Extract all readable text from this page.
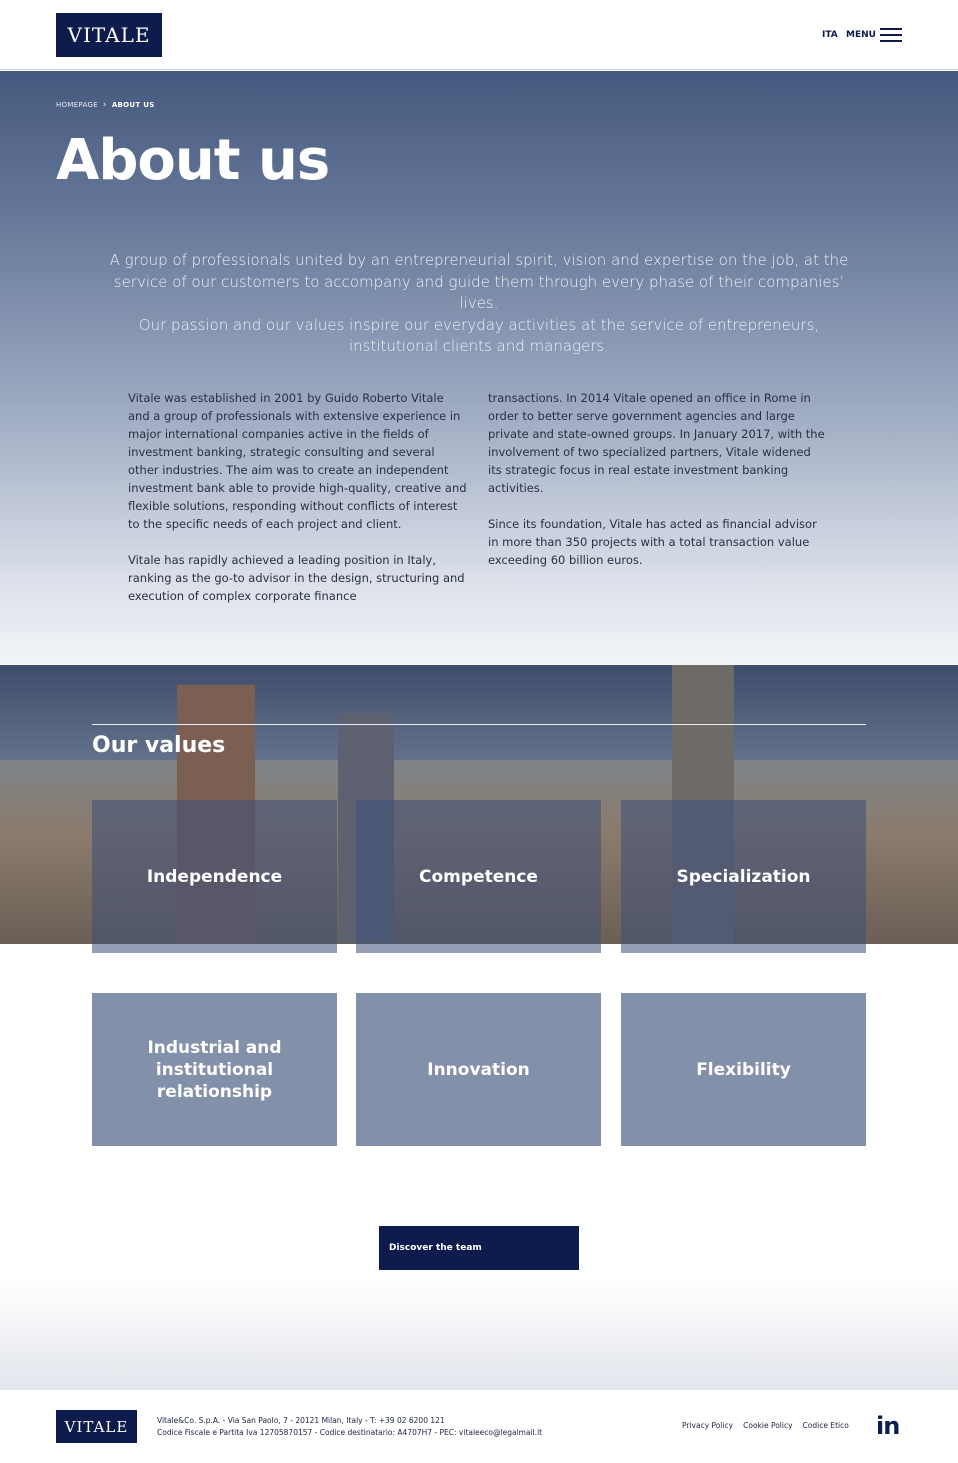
VITALE	ITA MENU
HOMEPAGE › ABOUT US
About us
A group of professionals united by an entrepreneurial spirit, vision and expertise on the job, at the service of our customers to accompany and guide them through every phase of their companies’ lives.
Our passion and our values inspire our everyday activities at the service of entrepreneurs, institutional clients and managers.

Vitale was established in 2001 by Guido Roberto Vitale and a group of professionals with extensive experience in major international companies active in the fields of investment banking, strategic consulting and several other industries. The aim was to create an independent investment bank able to provide high-quality, creative and flexible solutions, responding without conflicts of interest to the specific needs of each project and client.

Vitale has rapidly achieved a leading position in Italy, ranking as the go-to advisor in the design, structuring and execution of complex corporate finance

transactions. In 2014 Vitale opened an office in Rome in order to better serve government agencies and large private and state-owned groups. In January 2017, with the involvement of two specialized partners, Vitale widened its strategic focus in real estate investment banking activities.

Since its foundation, Vitale has acted as financial advisor in more than 350 projects with a total transaction value exceeding 60 billion euros.

Our values
Independence	Competence	Specialization
Industrial and institutional relationship
Innovation	Flexibility
Discover the team
VITALE	Vitale&Co. S.p.A. - Via San Paolo, 7 - 20121 Milan, Italy - T: +39 02 6200 121
Codice Fiscale e Partita Iva 12705870157 - Codice destinatario: A4707H7 - PEC: vitaleeco@legalmail.it
Privacy Policy Cookie Policy Codice Etico in
